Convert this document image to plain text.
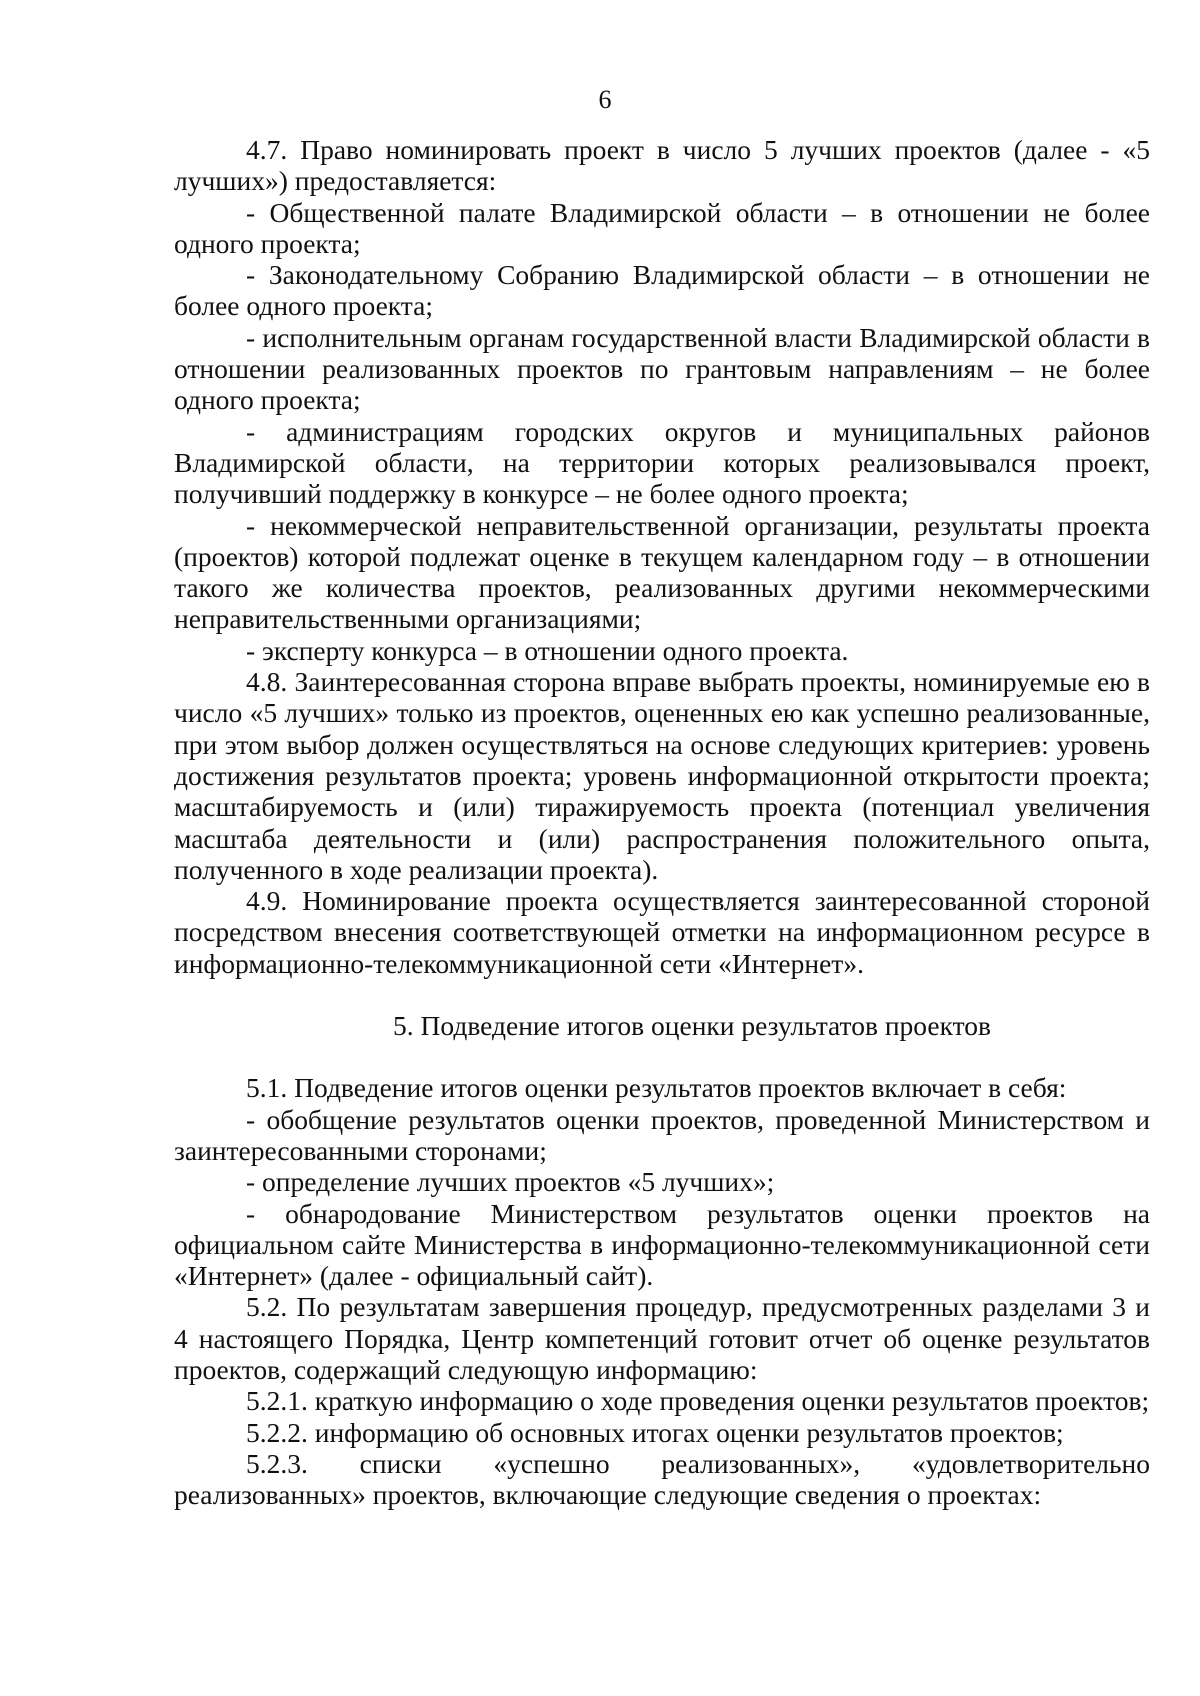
6

4.7. Право номинировать проект в число 5 лучших проектов (далее - «5 лучших») предоставляется:

- Общественной палате Владимирской области – в отношении не более одного проекта;

- Законодательному Собранию Владимирской области – в отношении не более одного проекта;

- исполнительным органам государственной власти Владимирской области в отношении реализованных проектов по грантовым направлениям – не более одного проекта;

- администрациям городских округов и муниципальных районов Владимирской области, на территории которых реализовывался проект, получивший поддержку в конкурсе – не более одного проекта;

- некоммерческой неправительственной организации, результаты проекта (проектов) которой подлежат оценке в текущем календарном году – в отношении такого же количества проектов, реализованных другими некоммерческими неправительственными организациями;

- эксперту конкурса – в отношении одного проекта.

4.8. Заинтересованная сторона вправе выбрать проекты, номинируемые ею в число «5 лучших» только из проектов, оцененных ею как успешно реализованные, при этом выбор должен осуществляться на основе следующих критериев: уровень достижения результатов проекта; уровень информационной открытости проекта; масштабируемость и (или) тиражируемость проекта (потенциал увеличения масштаба деятельности и (или) распространения положительного опыта, полученного в ходе реализации проекта).

4.9. Номинирование проекта осуществляется заинтересованной стороной посредством внесения соответствующей отметки на информационном ресурсе в информационно-телекоммуникационной сети «Интернет».

5. Подведение итогов оценки результатов проектов

5.1. Подведение итогов оценки результатов проектов включает в себя:

- обобщение результатов оценки проектов, проведенной Министерством и заинтересованными сторонами;

- определение лучших проектов «5 лучших»;

- обнародование Министерством результатов оценки проектов на официальном сайте Министерства в информационно-телекоммуникационной сети «Интернет» (далее - официальный сайт).

5.2. По результатам завершения процедур, предусмотренных разделами 3 и 4 настоящего Порядка, Центр компетенций готовит отчет об оценке результатов проектов, содержащий следующую информацию:

5.2.1. краткую информацию о ходе проведения оценки результатов проектов;

5.2.2. информацию об основных итогах оценки результатов проектов;

5.2.3. списки «успешно реализованных», «удовлетворительно реализованных» проектов, включающие следующие сведения о проектах:
